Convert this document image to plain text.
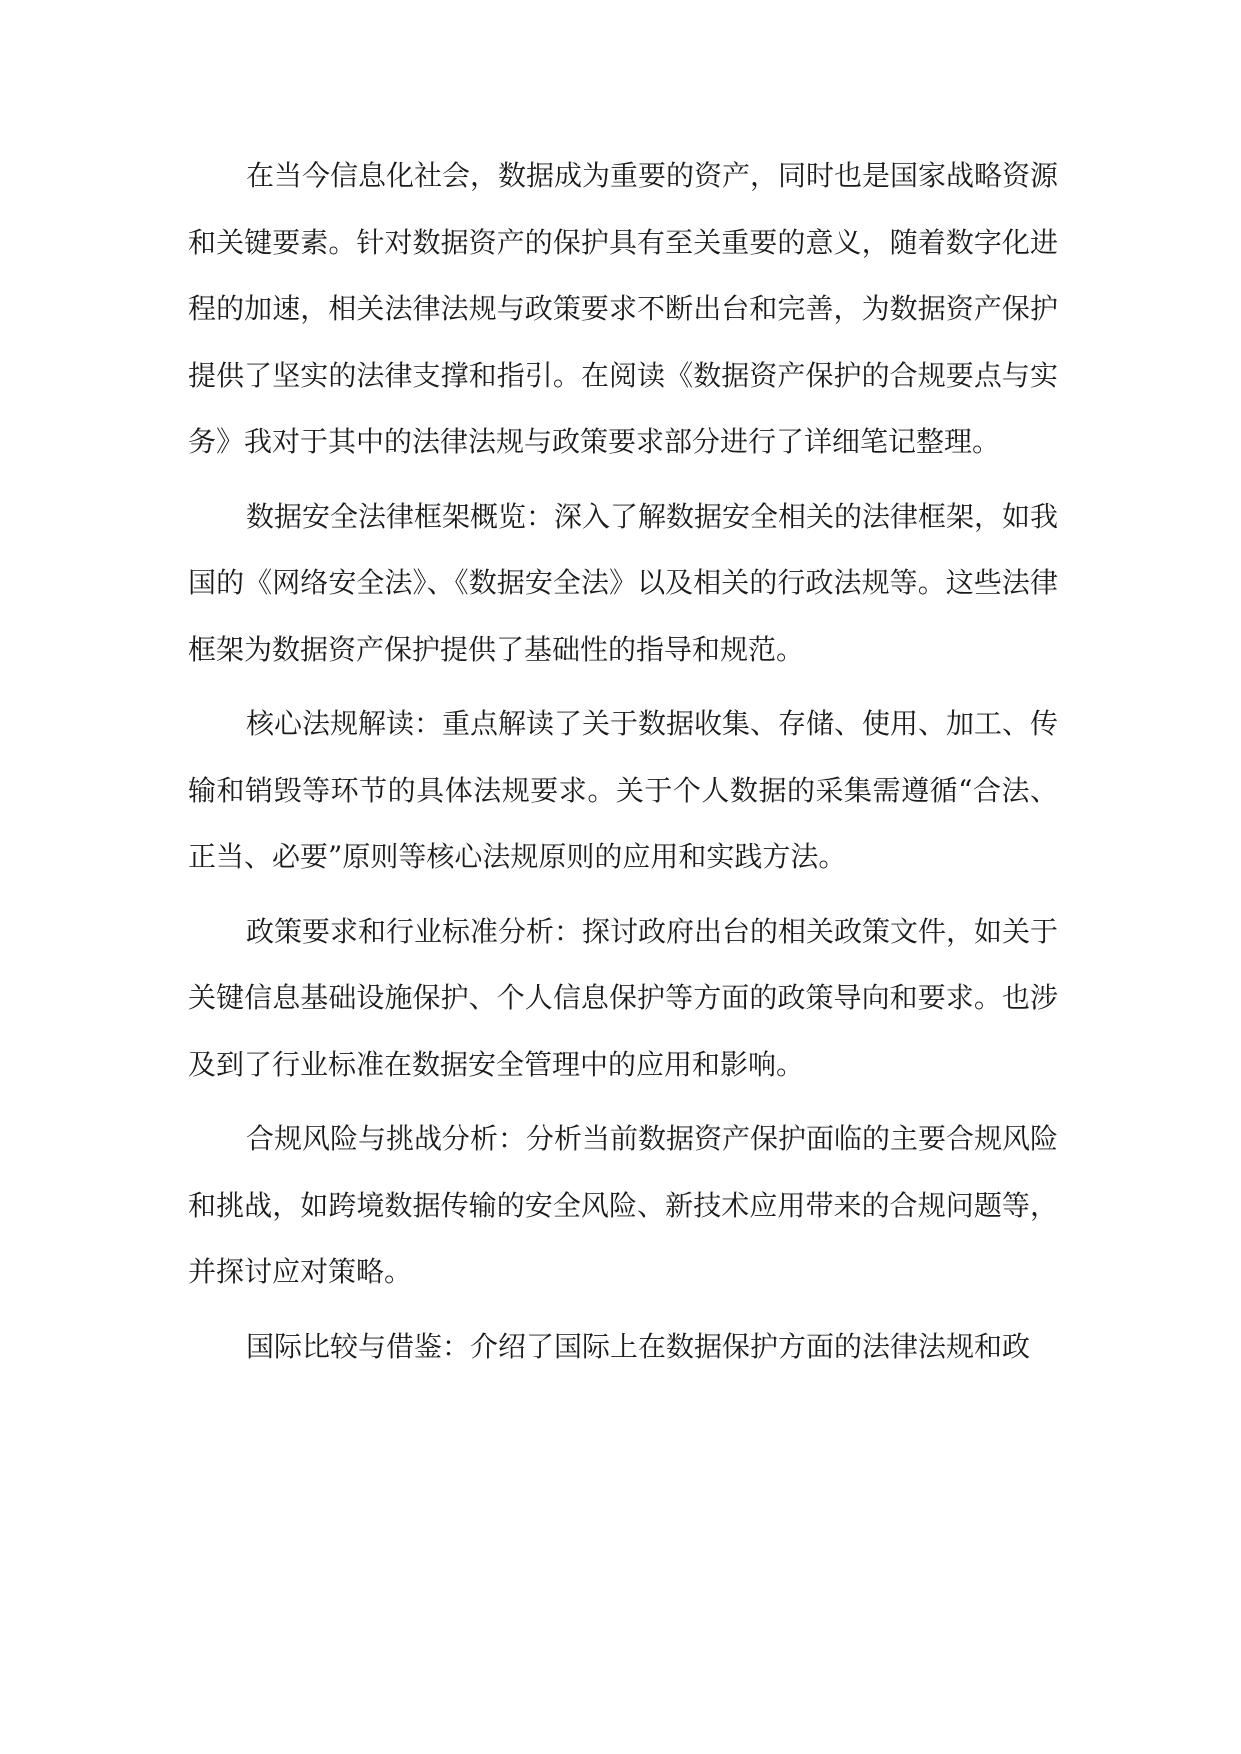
在当今信息化社会，数据成为重要的资产，同时也是国家战略资源和关键要素。针对数据资产的保护具有至关重要的意义，随着数字化进程的加速，相关法律法规与政策要求不断出台和完善，为数据资产保护提供了坚实的法律支撑和指引。在阅读《数据资产保护的合规要点与实务》我对于其中的法律法规与政策要求部分进行了详细笔记整理。

数据安全法律框架概览：深入了解数据安全相关的法律框架，如我国的《网络安全法》、《数据安全法》以及相关的行政法规等。这些法律框架为数据资产保护提供了基础性的指导和规范。

核心法规解读：重点解读了关于数据收集、存储、使用、加工、传输和销毁等环节的具体法规要求。关于个人数据的采集需遵循“合法、正当、必要”原则等核心法规原则的应用和实践方法。

政策要求和行业标准分析：探讨政府出台的相关政策文件，如关于关键信息基础设施保护、个人信息保护等方面的政策导向和要求。也涉及到了行业标准在数据安全管理中的应用和影响。

合规风险与挑战分析：分析当前数据资产保护面临的主要合规风险和挑战，如跨境数据传输的安全风险、新技术应用带来的合规问题等，并探讨应对策略。

国际比较与借鉴：介绍了国际上在数据保护方面的法律法规和政
